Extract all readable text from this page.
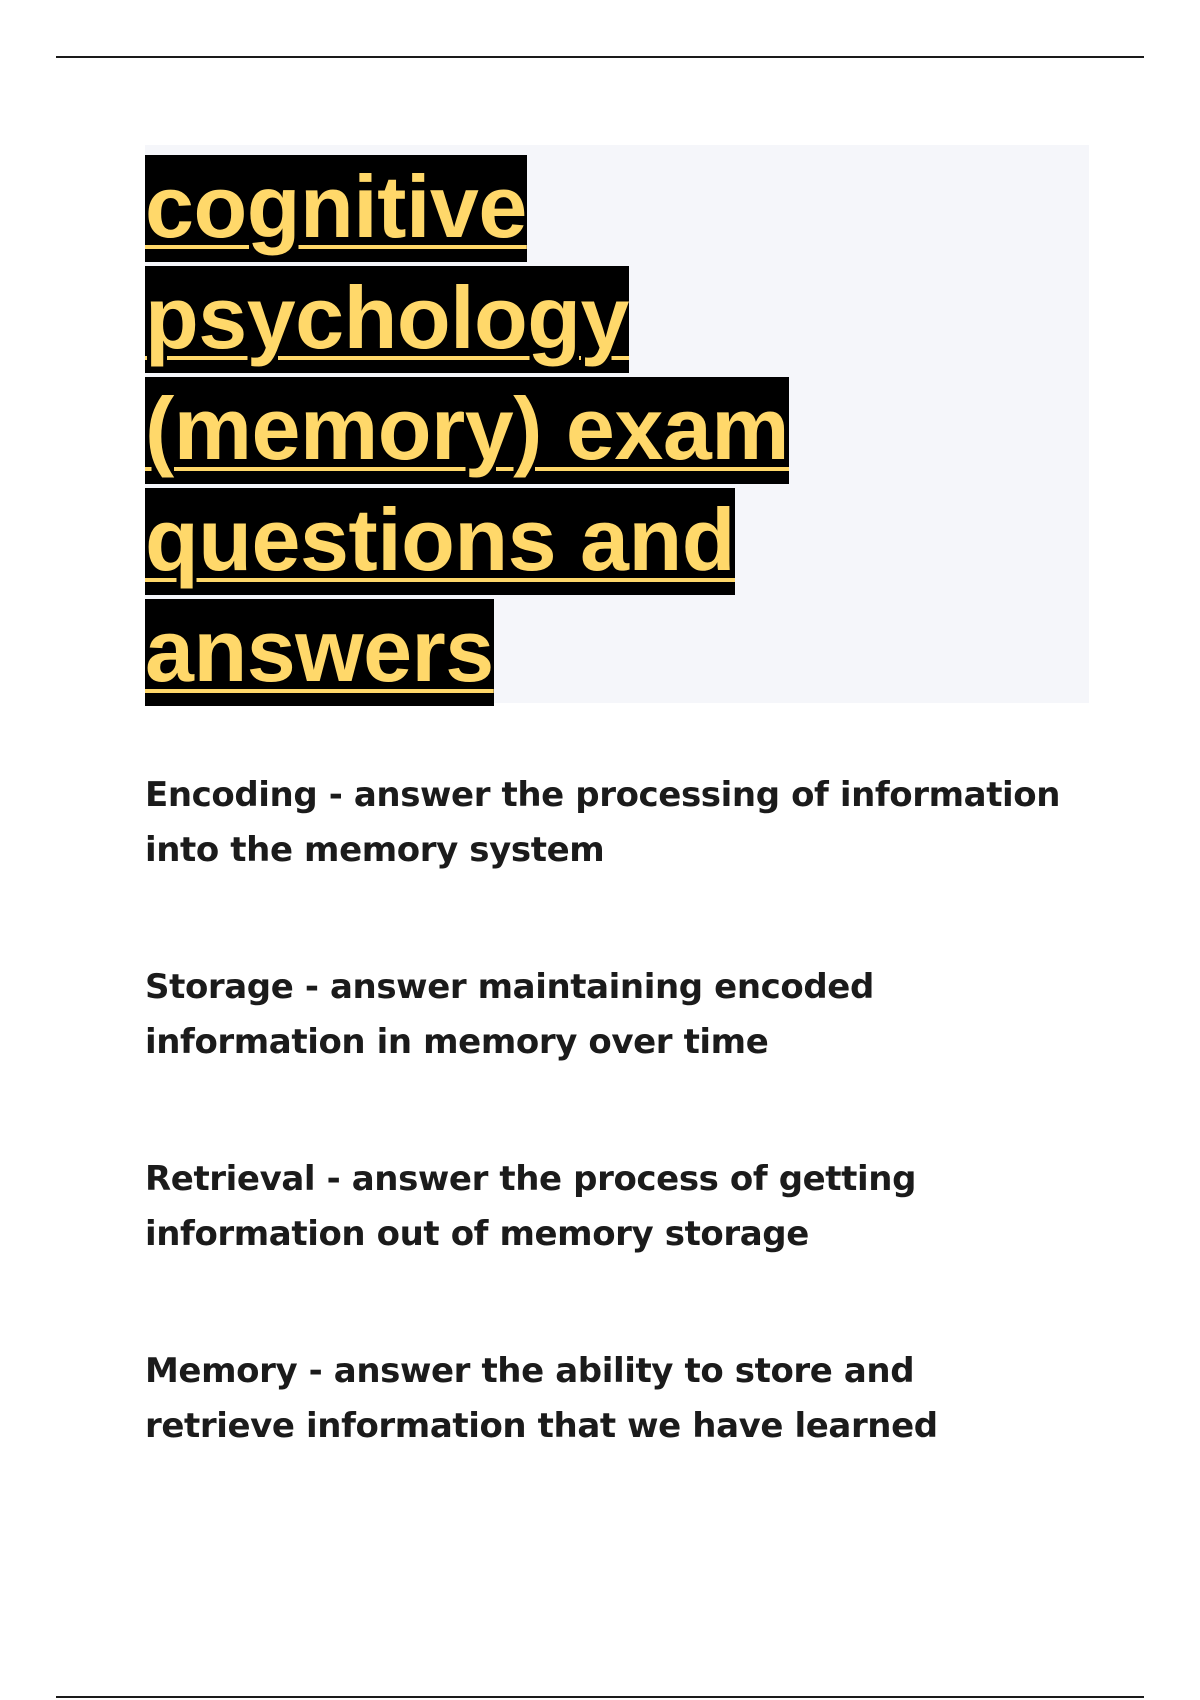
cognitive psychology (memory) exam questions and answers

Encoding - answer the processing of information into the memory system

Storage - answer maintaining encoded information in memory over time

Retrieval - answer the process of getting information out of memory storage

Memory - answer the ability to store and retrieve information that we have learned
